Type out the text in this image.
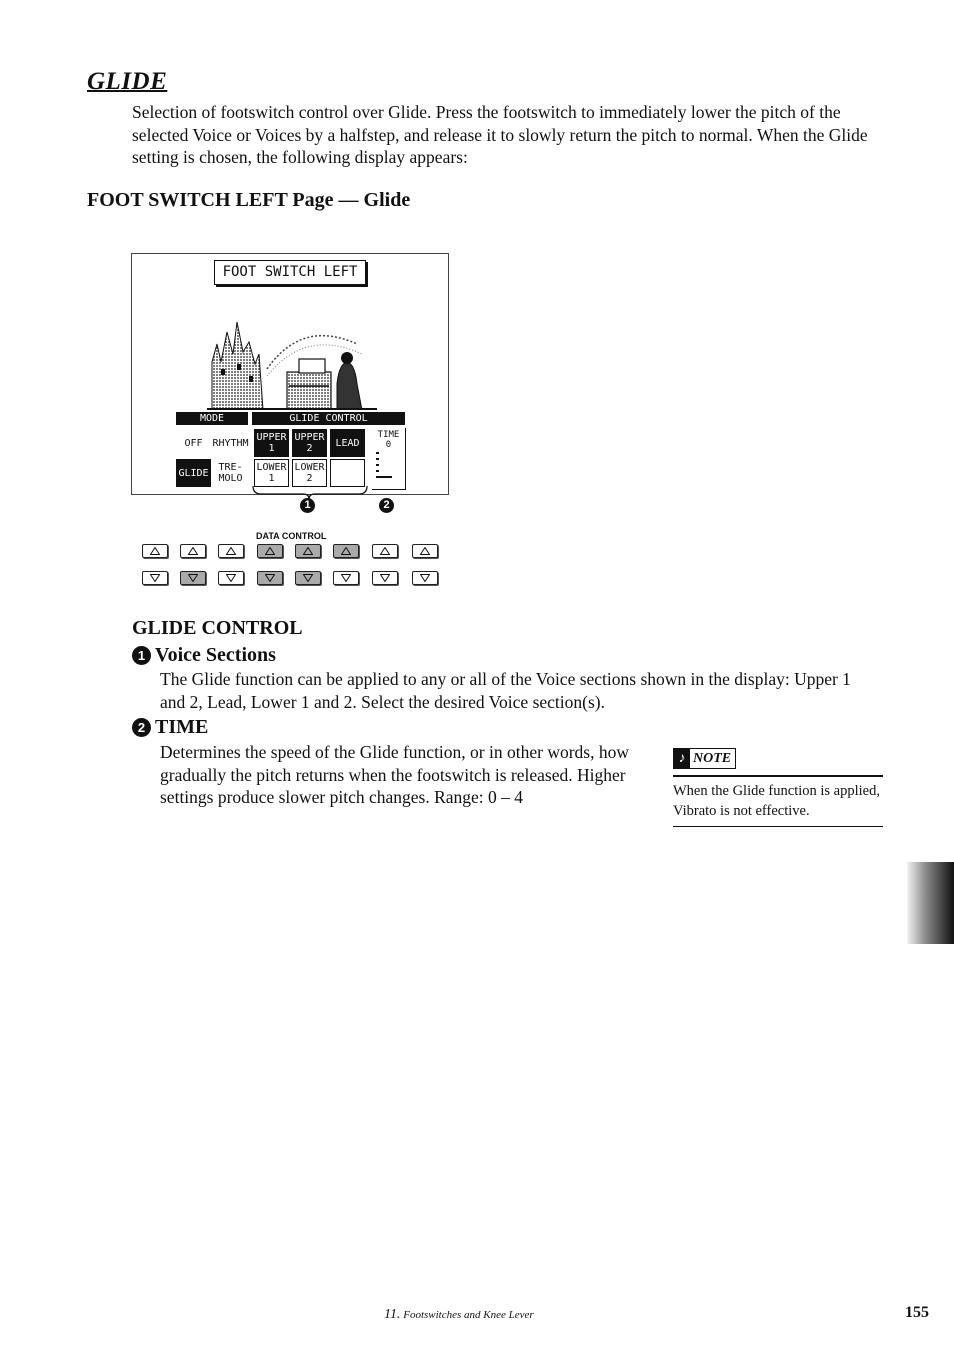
GLIDE
Selection of footswitch control over Glide. Press the footswitch to immediately lower the pitch of the selected Voice or Voices by a halfstep, and release it to slowly return the pitch to normal. When the Glide setting is chosen, the following display appears:
FOOT SWITCH LEFT Page — Glide
FOOT SWITCH LEFT
MODE	GLIDE CONTROL
OFF RHYTHM
GLIDE TRE-
MOLO
UPPER
1
UPPER
2 LEAD
LOWER
1
LOWER
2
TIME
0
1	2
DATA CONTROL
GLIDE CONTROL
1 Voice Sections
The Glide function can be applied to any or all of the Voice sections shown in the display: Upper 1 and 2, Lead, Lower 1 and 2. Select the desired Voice section(s).
2 TIME
Determines the speed of the Glide function, or in other words, how gradually the pitch returns when the footswitch is released. Higher settings produce slower pitch changes. Range: 0 – 4
♪ NOTE
When the Glide function is applied, Vibrato is not effective.
11. Footswitches and Knee Lever	155
